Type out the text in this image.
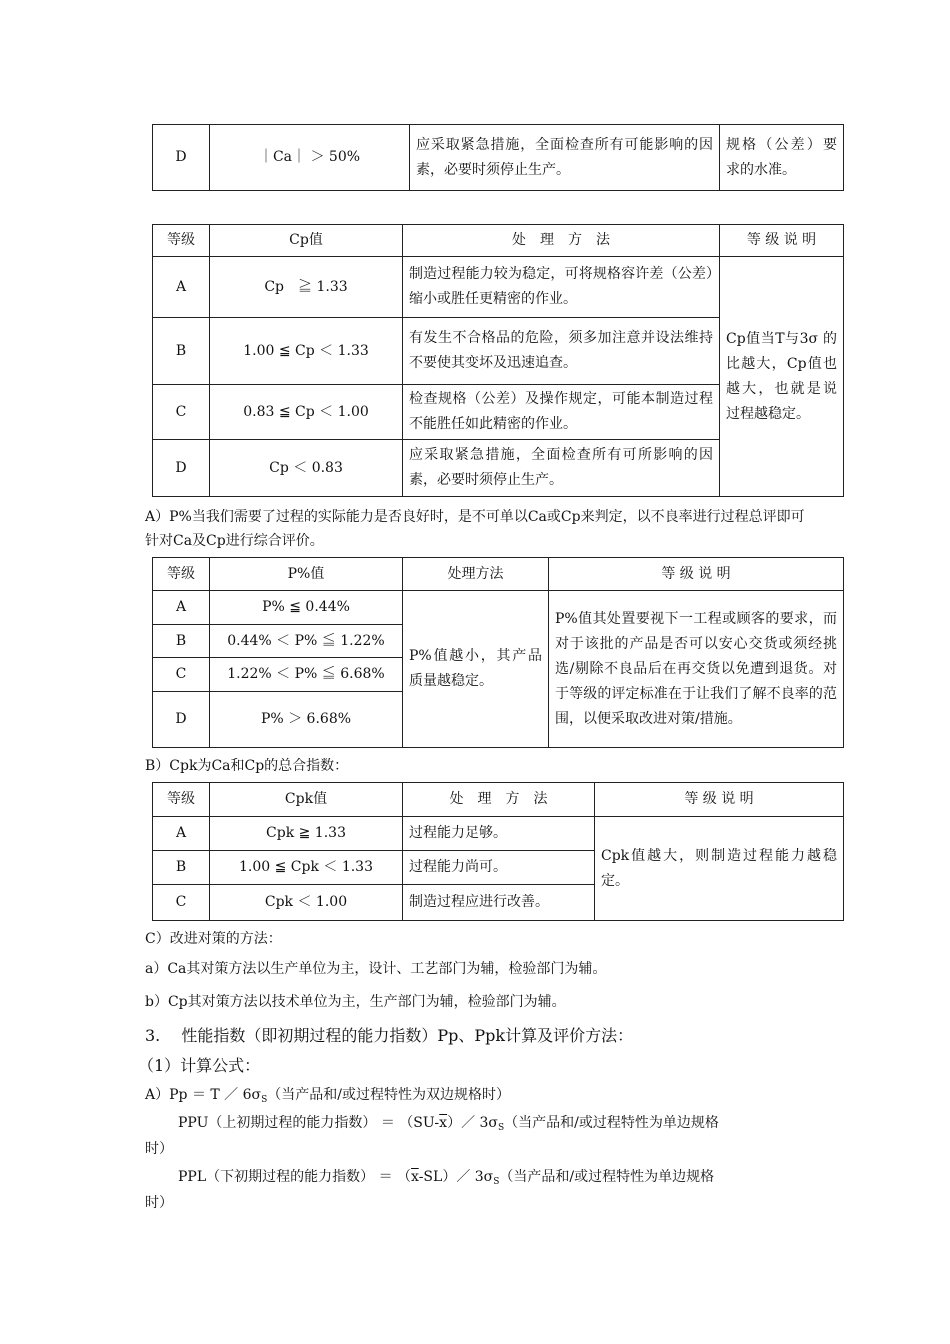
D	｜Ca｜ ＞ 50%	应采取紧急措施，全面检查所有可能影响的因素，必要时须停止生产。	规格（公差）要求的水准。
等级	Cp值	处　理　方　法	等 级 说 明
A	Cp　≧ 1.33	制造过程能力较为稳定，可将规格容许差（公差）缩小或胜任更精密的作业。	Cp值当T与3σ 的比越大，Cp值也越大，也就是说过程越稳定。
B	1.00 ≦ Cp ＜ 1.33	有发生不合格品的危险，须多加注意并设法维持不要使其变坏及迅速追查。	
C	0.83 ≦ Cp ＜ 1.00	检查规格（公差）及操作规定，可能本制造过程不能胜任如此精密的作业。	
D	Cp ＜ 0.83	应采取紧急措施，全面检查所有可所影响的因素，必要时须停止生产。	
A）P%当我们需要了过程的实际能力是否良好时，是不可单以Ca或Cp来判定，以不良率进行过程总评即可针对Ca及Cp进行综合评价。
等级	P%值	处理方法	等 级 说 明
A	P% ≦ 0.44%	P%值越小，其产品质量越稳定。	P%值其处置要视下一工程或顾客的要求，而对于该批的产品是否可以安心交货或须经挑选/剔除不良品后在再交货以免遭到退货。对于等级的评定标准在于让我们了解不良率的范围，以便采取改进对策/措施。
B	0.44% ＜ P% ≦ 1.22%		
C	1.22% ＜ P% ≦ 6.68%		
D	P% ＞ 6.68%		
B）Cpk为Ca和Cp的总合指数：
等级	Cpk值	处　理　方　法	等 级 说 明
A	Cpk ≧ 1.33	过程能力足够。	Cpk值越大，则制造过程能力越稳定。
B	1.00 ≦ Cpk ＜ 1.33	过程能力尚可。	
C	Cpk ＜ 1.00	制造过程应进行改善。	
C）改进对策的方法：
a）Ca其对策方法以生产单位为主，设计、工艺部门为辅，检验部门为辅。
b）Cp其对策方法以技术单位为主，生产部门为辅，检验部门为辅。
3.　 性能指数（即初期过程的能力指数）Pp、Ppk计算及评价方法：
（1）计算公式：
A）Pp ＝ T ／ $6\sigma_S$（当产品和/或过程特性为双边规格时）
PPU（上初期过程的能力指数） ＝ $(SU-\overline{x})/$ $3\sigma_S$（当产品和/或过程特性为单边规格
时）
PPL（下初期过程的能力指数） ＝ $(\overline{x}-SL)/$ $3\sigma_S$（当产品和/或过程特性为单边规格
时）
